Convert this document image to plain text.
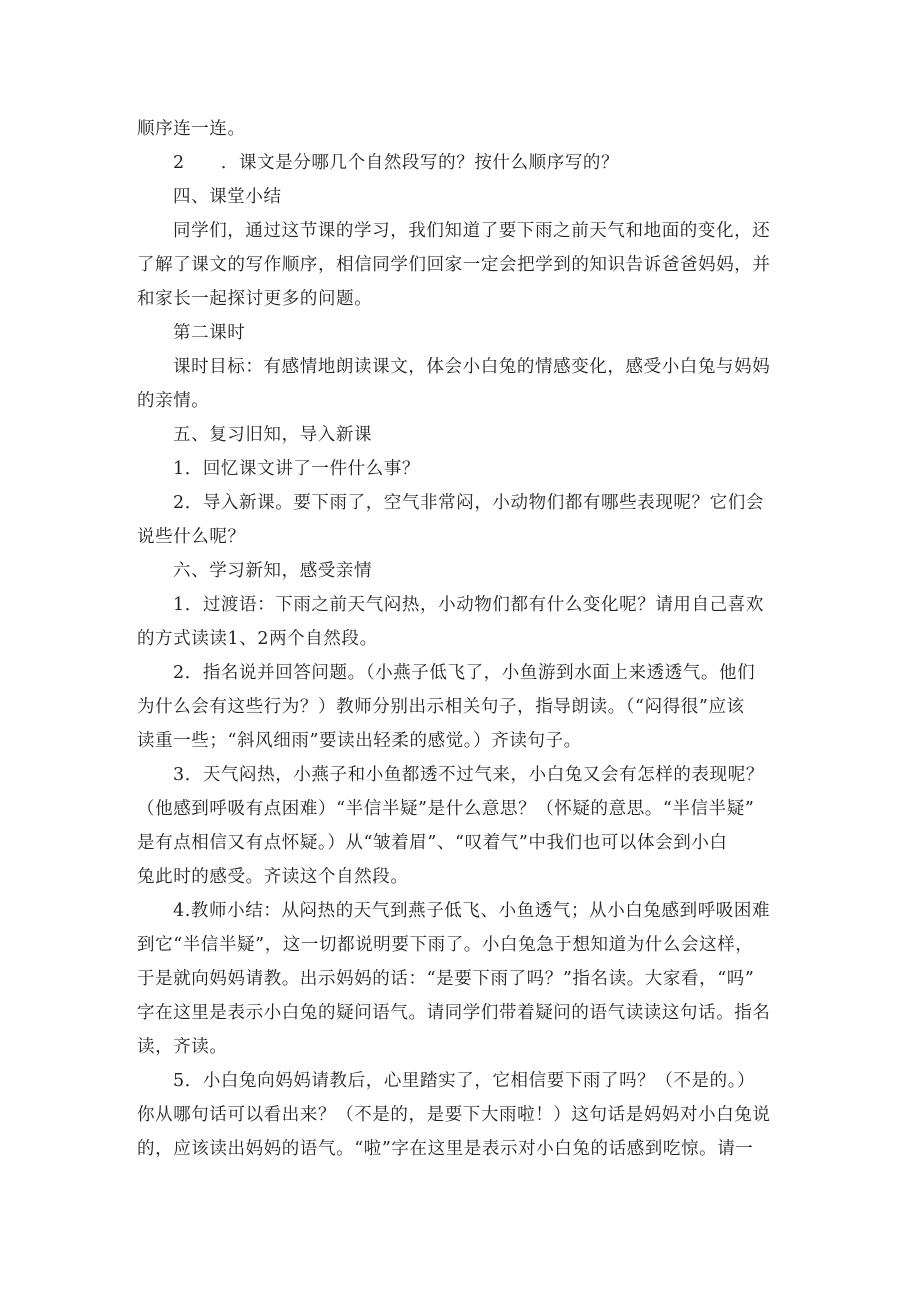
顺序连一连。
2　　．课文是分哪几个自然段写的？按什么顺序写的？
四、课堂小结
同学们，通过这节课的学习，我们知道了要下雨之前天气和地面的变化，还
了解了课文的写作顺序，相信同学们回家一定会把学到的知识告诉爸爸妈妈，并
和家长一起探讨更多的问题。
第二课时
课时目标：有感情地朗读课文，体会小白兔的情感变化，感受小白兔与妈妈
的亲情。
五、复习旧知，导入新课
1．回忆课文讲了一件什么事？
2．导入新课。要下雨了，空气非常闷，小动物们都有哪些表现呢？它们会
说些什么呢？
六、学习新知，感受亲情
1．过渡语：下雨之前天气闷热，小动物们都有什么变化呢？请用自己喜欢
的方式读读1、2两个自然段。
2．指名说并回答问题。（小燕子低飞了，小鱼游到水面上来透透气。他们
为什么会有这些行为？）教师分别出示相关句子，指导朗读。（“闷得很”应该
读重一些；“斜风细雨”要读出轻柔的感觉。）齐读句子。
3．天气闷热，小燕子和小鱼都透不过气来，小白兔又会有怎样的表现呢？
（他感到呼吸有点困难）“半信半疑”是什么意思？（怀疑的意思。“半信半疑”
是有点相信又有点怀疑。）从“皱着眉”、“叹着气”中我们也可以体会到小白
兔此时的感受。齐读这个自然段。
4.教师小结：从闷热的天气到燕子低飞、小鱼透气；从小白兔感到呼吸困难
到它“半信半疑”，这一切都说明要下雨了。小白兔急于想知道为什么会这样，
于是就向妈妈请教。出示妈妈的话：“是要下雨了吗？”指名读。大家看，“吗”
字在这里是表示小白兔的疑问语气。请同学们带着疑问的语气读读这句话。指名
读，齐读。
5．小白兔向妈妈请教后，心里踏实了，它相信要下雨了吗？（不是的。）
你从哪句话可以看出来？（不是的，是要下大雨啦！）这句话是妈妈对小白兔说
的，应该读出妈妈的语气。“啦”字在这里是表示对小白兔的话感到吃惊。请一
